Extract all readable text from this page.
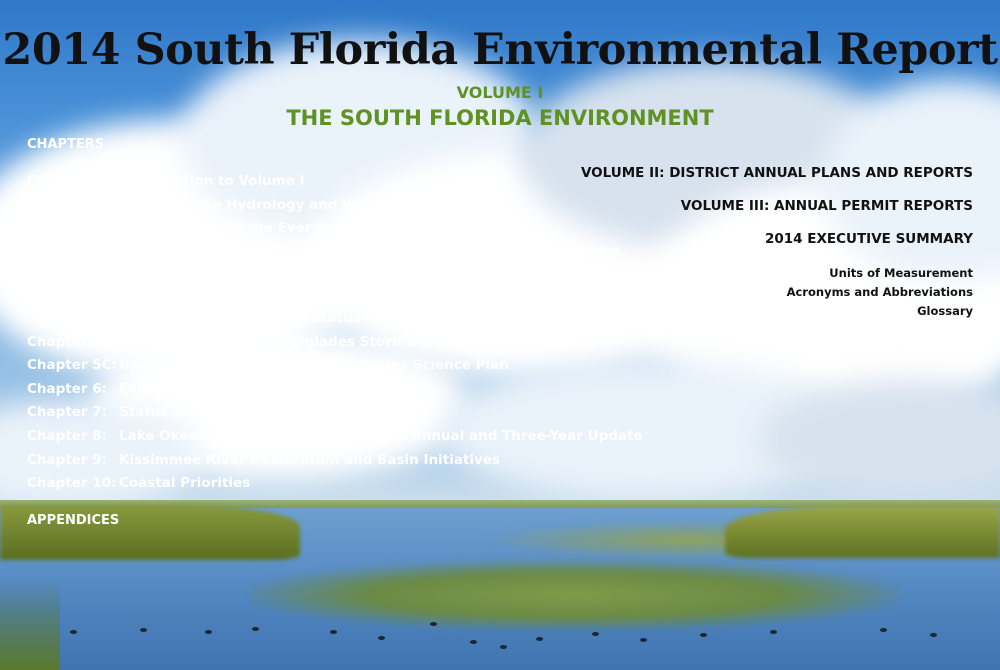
2014 South Florida Environmental Report
VOLUME I
THE SOUTH FLORIDA ENVIRONMENT
CHAPTERS
Chapter 1: Introduction to Volume I
Chapter 2: South Florida Hydrology and Water Management
Chapter 3A: Water Quality in the Everglades Protection Area
Chapter 3B: Mercury and Sulfur Environmental Assessment for the Everglades
Chapter 4: Nutrient Source Control Programs
Chapter 5A: Restoration Strategies -
Design and Construction Status of Water Quality Improvement Projects
Chapter 5B: Performance of the Everglades Stormwater Treatment Areas
Chapter 5C: Update for the Restoration Strategies Science Plan
Chapter 6: Everglades Research and Evaluation
Chapter 7: Status of Nonindigenous Species
Chapter 8: Lake Okeechobee Protection Program Annual and Three-Year Update
Chapter 9: Kissimmee River Restoration and Basin Initiatives
Chapter 10: Coastal Priorities
APPENDICES
VOLUME II: DISTRICT ANNUAL PLANS AND REPORTS
VOLUME III: ANNUAL PERMIT REPORTS
2014 EXECUTIVE SUMMARY
Units of Measurement
Acronyms and Abbreviations
Glossary
